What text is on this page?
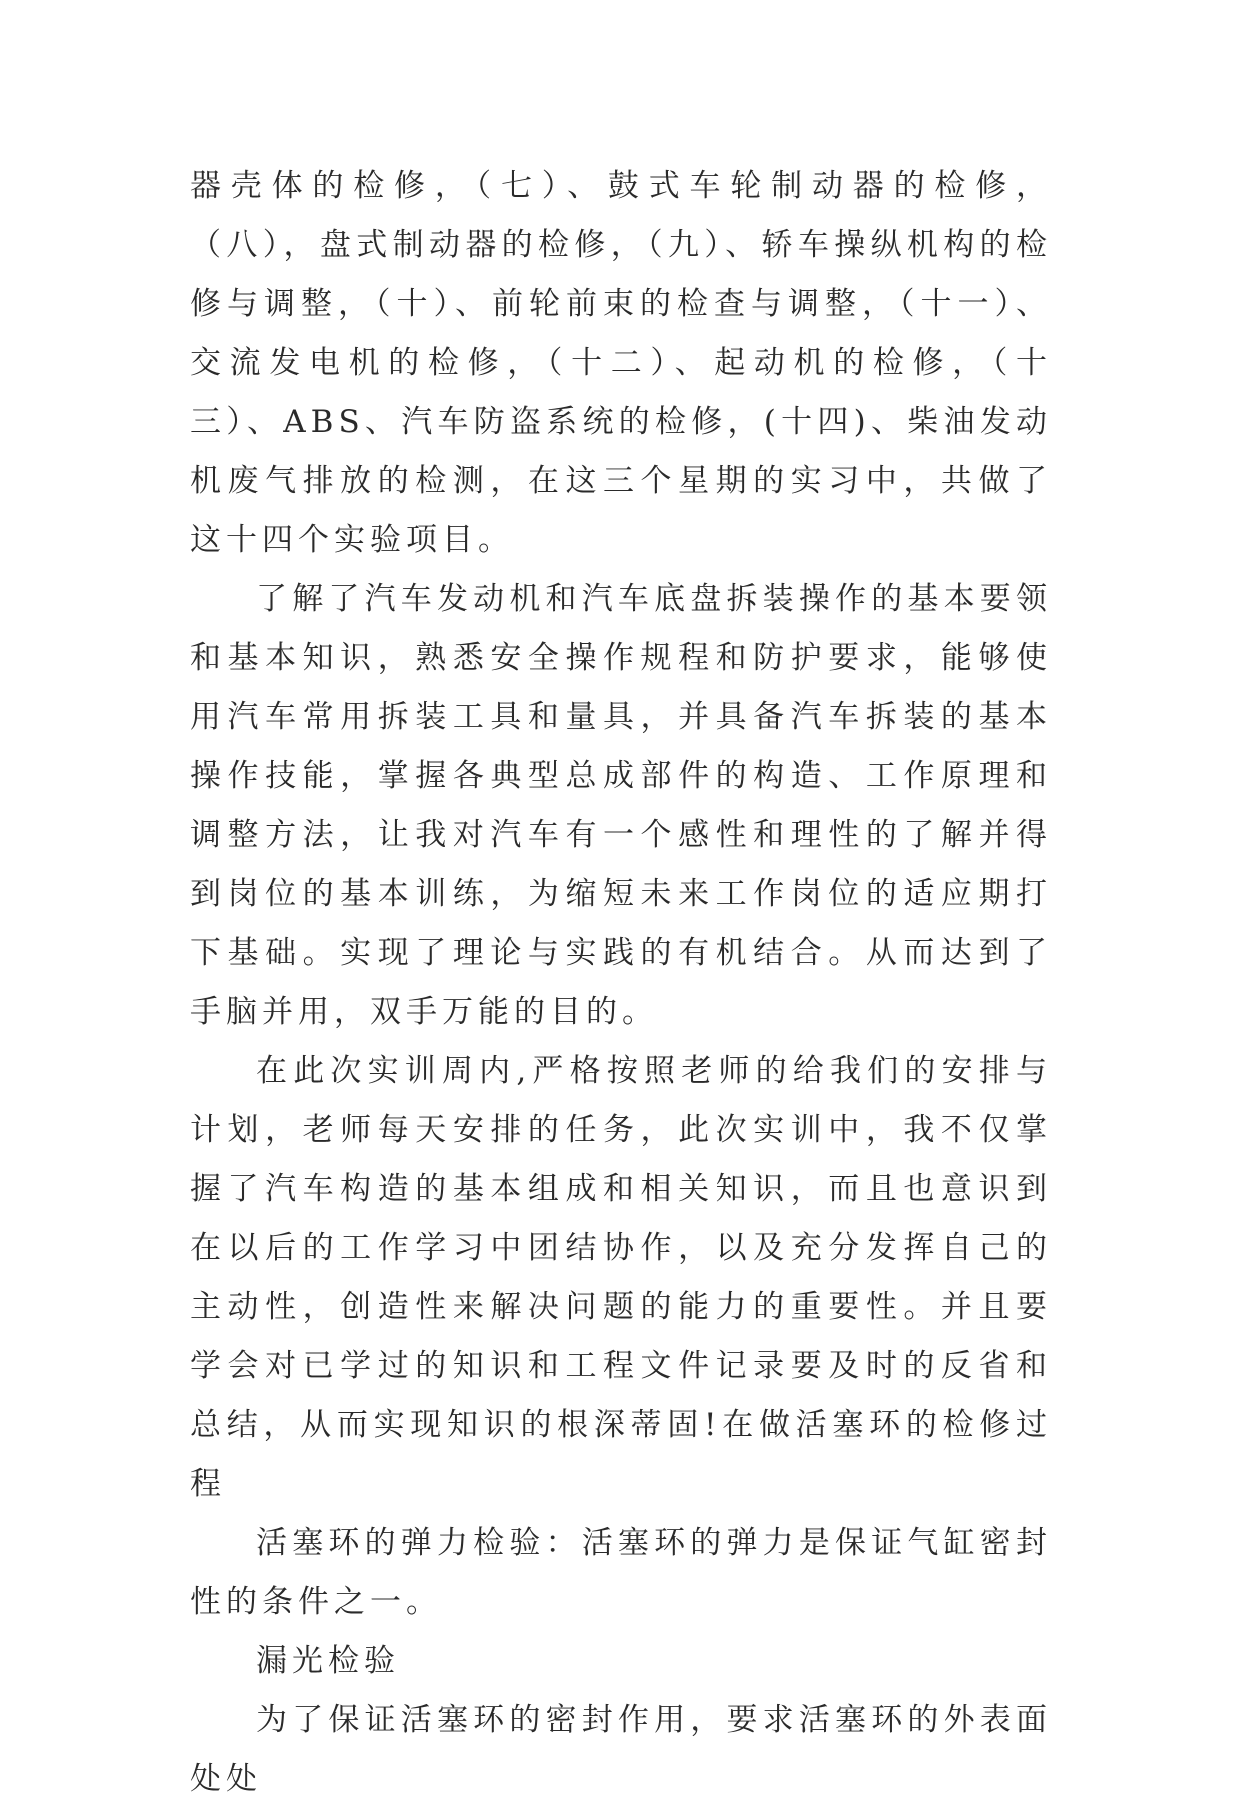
器壳体的检修，（七）、鼓式车轮制动器的检修，（八），盘式制动器的检修，（九）、轿车操纵机构的检修与调整，（十）、前轮前束的检查与调整，（十一）、交流发电机的检修，（十二）、起动机的检修，（十三）、ABS、汽车防盗系统的检修，(十四)、柴油发动机废气排放的检测，在这三个星期的实习中，共做了这十四个实验项目。

了解了汽车发动机和汽车底盘拆装操作的基本要领和基本知识，熟悉安全操作规程和防护要求，能够使用汽车常用拆装工具和量具，并具备汽车拆装的基本操作技能，掌握各典型总成部件的构造、工作原理和调整方法，让我对汽车有一个感性和理性的了解并得到岗位的基本训练，为缩短未来工作岗位的适应期打下基础。实现了理论与实践的有机结合。从而达到了手脑并用，双手万能的目的。

在此次实训周内,严格按照老师的给我们的安排与计划，老师每天安排的任务，此次实训中，我不仅掌握了汽车构造的基本组成和相关知识，而且也意识到在以后的工作学习中团结协作，以及充分发挥自己的主动性，创造性来解决问题的能力的重要性。并且要学会对已学过的知识和工程文件记录要及时的反省和总结，从而实现知识的根深蒂固!在做活塞环的检修过程

活塞环的弹力检验：活塞环的弹力是保证气缸密封性的条件之一。

漏光检验

为了保证活塞环的密封作用，要求活塞环的外表面处处
